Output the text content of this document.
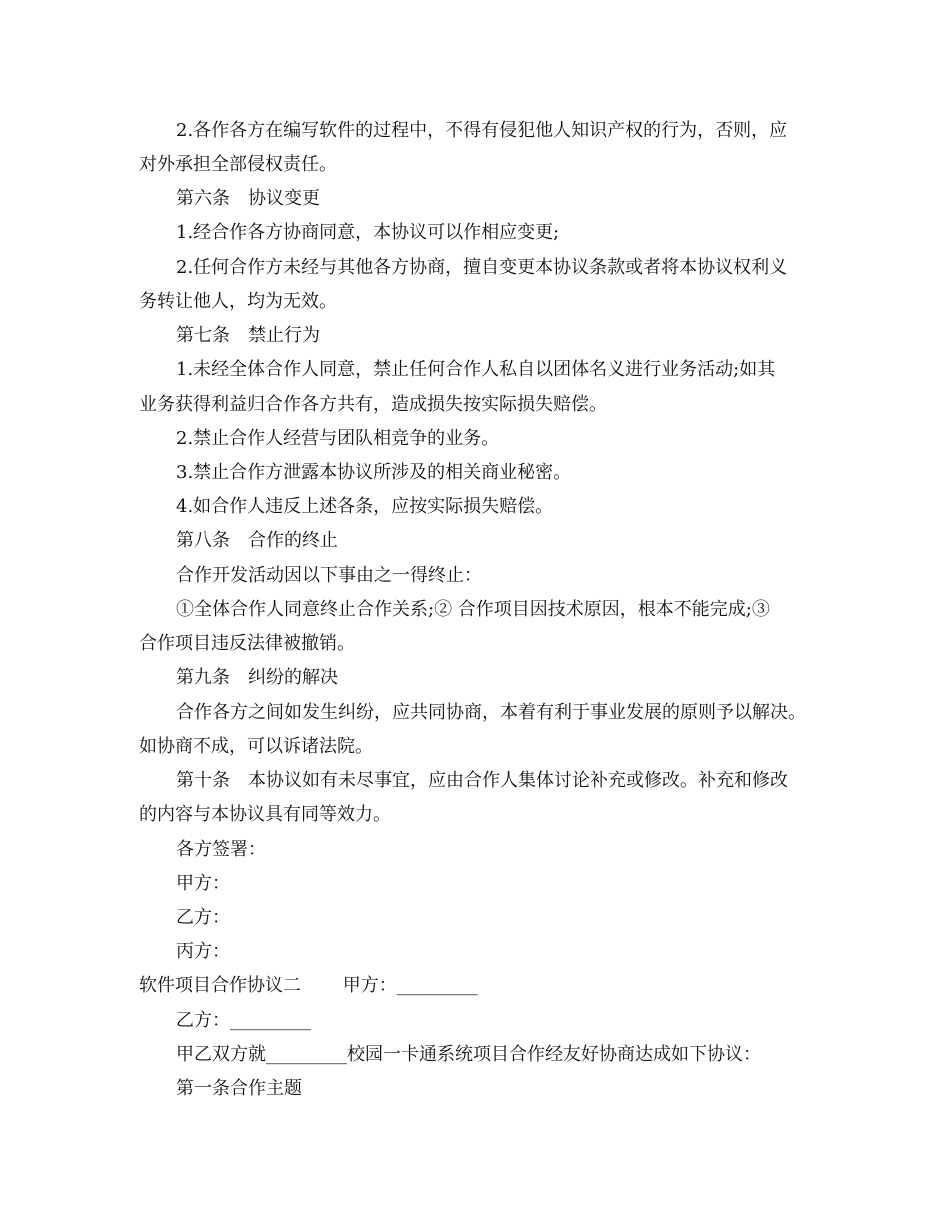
2.各作各方在编写软件的过程中，不得有侵犯他人知识产权的行为，否则，应
对外承担全部侵权责任。
第六条　协议变更
1.经合作各方协商同意，本协议可以作相应变更;
2.任何合作方未经与其他各方协商，擅自变更本协议条款或者将本协议权利义
务转让他人，均为无效。
第七条　禁止行为
1.未经全体合作人同意，禁止任何合作人私自以团体名义进行业务活动;如其
业务获得利益归合作各方共有，造成损失按实际损失赔偿。
2.禁止合作人经营与团队相竞争的业务。
3.禁止合作方泄露本协议所涉及的相关商业秘密。
4.如合作人违反上述各条，应按实际损失赔偿。
第八条　合作的终止
合作开发活动因以下事由之一得终止：
①全体合作人同意终止合作关系;② 合作项目因技术原因，根本不能完成;③
合作项目违反法律被撤销。
第九条　纠纷的解决
合作各方之间如发生纠纷，应共同协商，本着有利于事业发展的原则予以解决。
如协商不成，可以诉诸法院。
第十条　本协议如有未尽事宜，应由合作人集体讨论补充或修改。补充和修改
的内容与本协议具有同等效力。
各方签署：
甲方：
乙方：
丙方：
软件项目合作协议二　　 甲方：_________
乙方：_________
甲乙双方就_________校园一卡通系统项目合作经友好协商达成如下协议：
第一条合作主题
